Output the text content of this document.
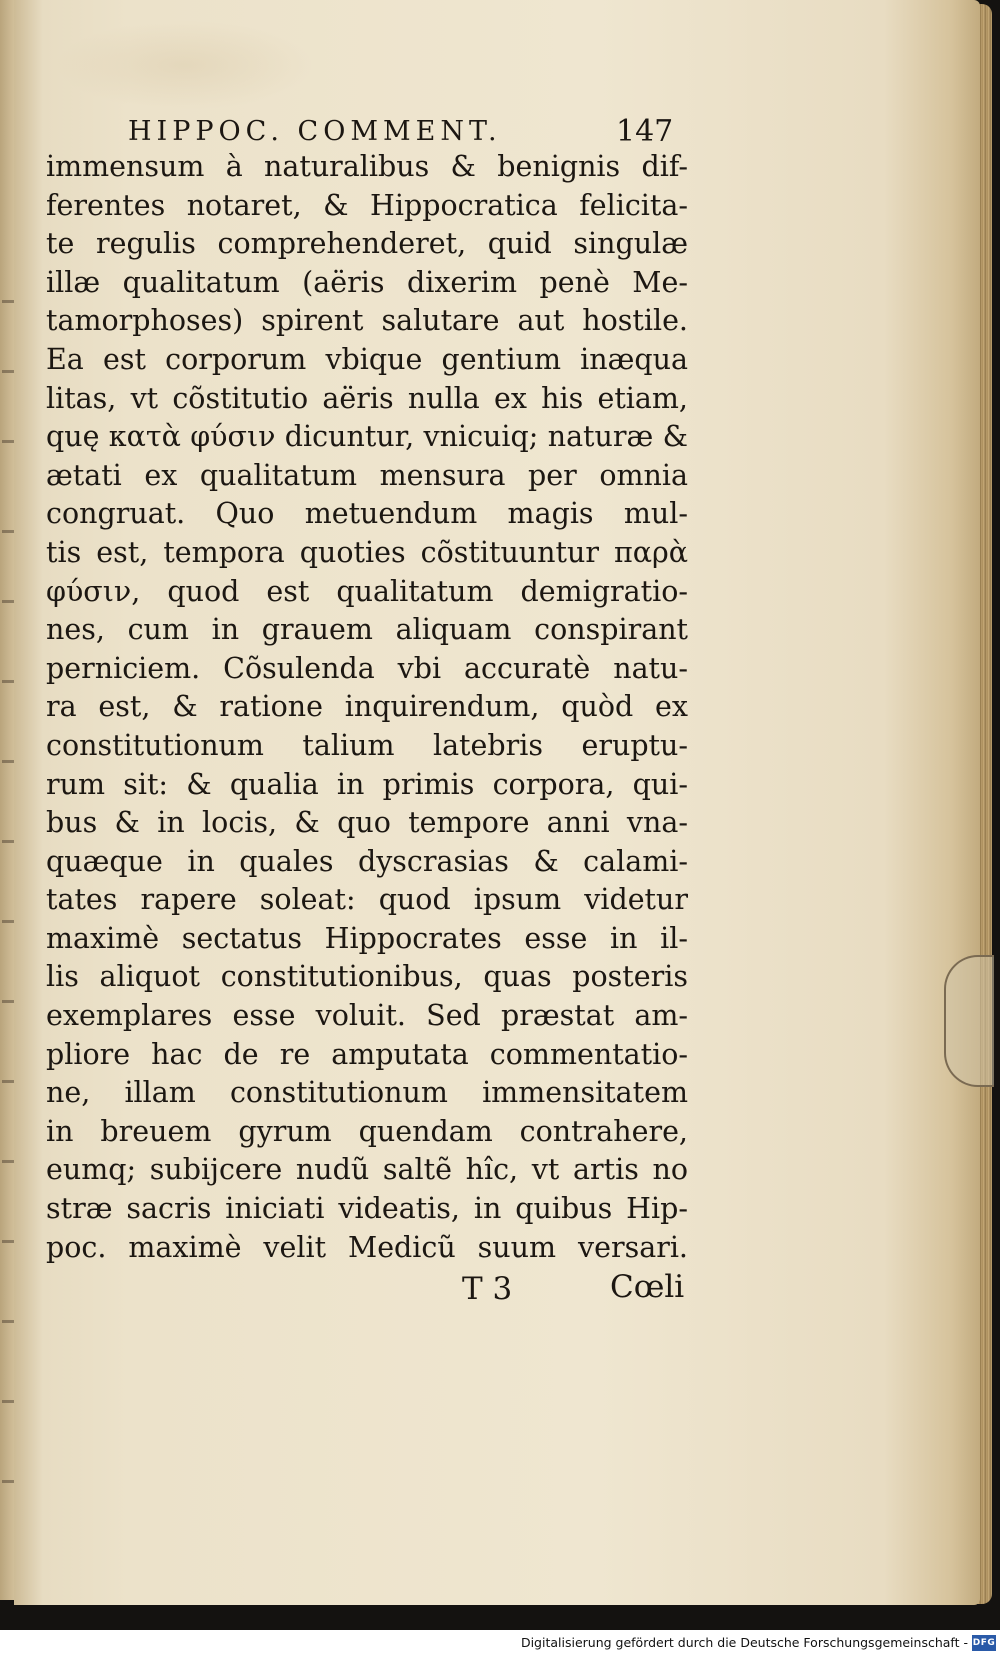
HIPPOC. COMMENT.	147
immensum à naturalibus & benignis dif-
ferentes notaret, & Hippocratica felicita-
te regulis comprehenderet, quid singulæ
illæ qualitatum (aëris dixerim penè Me-
tamorphoses) spirent salutare aut hostile.
Ea est corporum vbique gentium inæqua
litas, vt cõstitutio aëris nulla ex his etiam,
quę κατὰ φύσιν dicuntur, vnicuiq; naturæ &
ætati ex qualitatum mensura per omnia
congruat. Quo metuendum magis mul-
tis est, tempora quoties cõstituuntur παρὰ
φύσιν, quod est qualitatum demigratio-
nes, cum in grauem aliquam conspirant
perniciem. Cõsulenda vbi accuratè natu-
ra est, & ratione inquirendum, quòd ex
constitutionum talium latebris eruptu-
rum sit: & qualia in primis corpora, qui-
bus & in locis, & quo tempore anni vna-
quæque in quales dyscrasias & calami-
tates rapere soleat: quod ipsum videtur
maximè sectatus Hippocrates esse in il-
lis aliquot constitutionibus, quas posteris
exemplares esse voluit. Sed præstat am-
pliore hac de re amputata commentatio-
ne, illam constitutionum immensitatem
in breuem gyrum quendam contrahere,
eumq; subijcere nudũ saltẽ hîc, vt artis no
stræ sacris iniciati videatis, in quibus Hip-
poc. maximè velit Medicũ suum versari.
T 3	Cœli
Digitalisierung gefördert durch die Deutsche Forschungsgemeinschaft - DFG
